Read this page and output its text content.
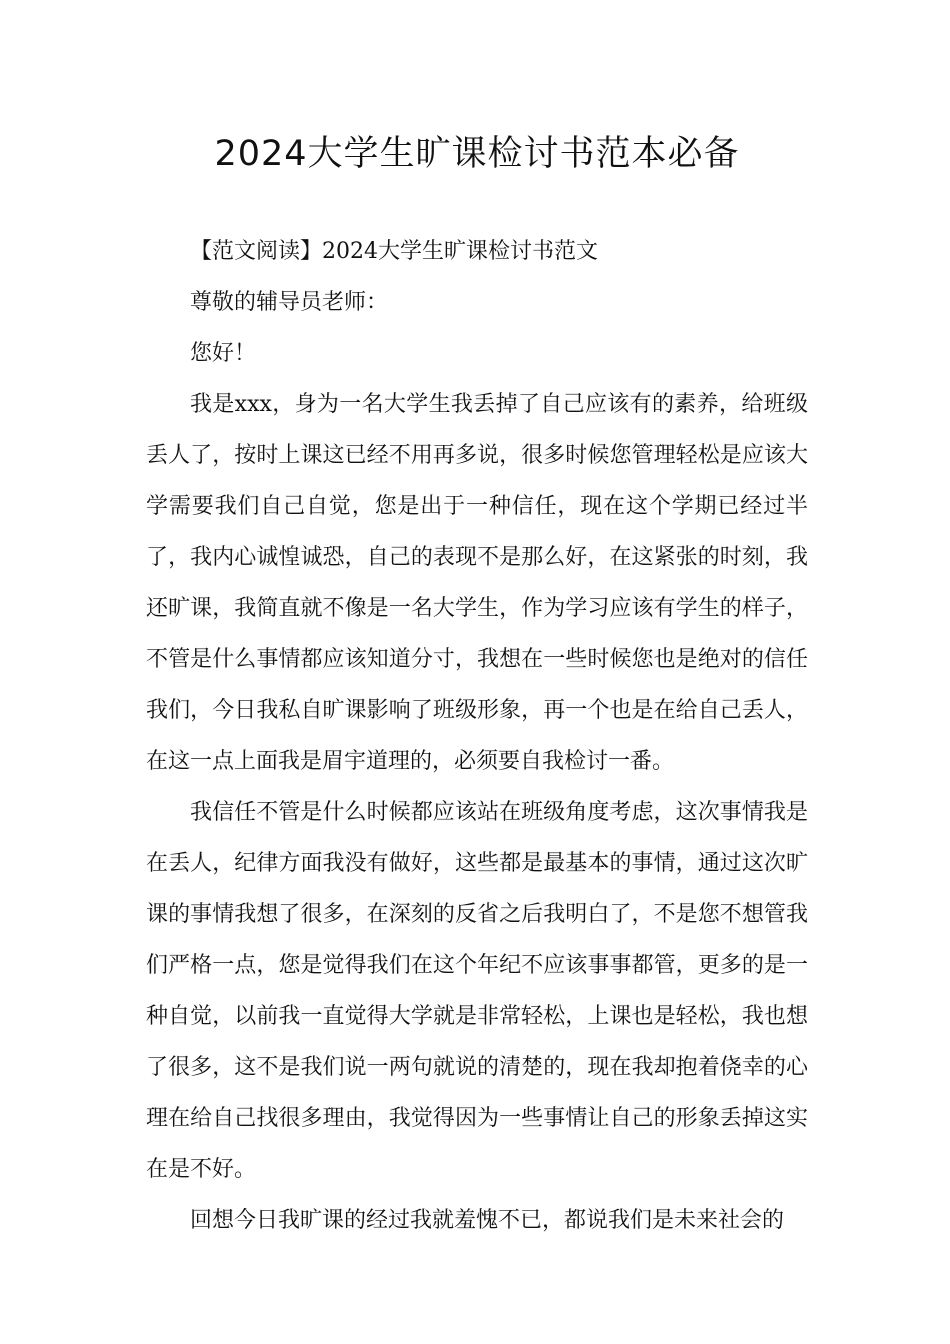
2024大学生旷课检讨书范本必备

【范文阅读】2024大学生旷课检讨书范文

尊敬的辅导员老师：

您好！

我是xxx，身为一名大学生我丢掉了自己应该有的素养，给班级丢人了，按时上课这已经不用再多说，很多时候您管理轻松是应该大学需要我们自己自觉，您是出于一种信任，现在这个学期已经过半了，我内心诚惶诚恐，自己的表现不是那么好，在这紧张的时刻，我还旷课，我简直就不像是一名大学生，作为学习应该有学生的样子，不管是什么事情都应该知道分寸，我想在一些时候您也是绝对的信任我们，今日我私自旷课影响了班级形象，再一个也是在给自己丢人，在这一点上面我是眉宇道理的，必须要自我检讨一番。

我信任不管是什么时候都应该站在班级角度考虑，这次事情我是在丢人，纪律方面我没有做好，这些都是最基本的事情，通过这次旷课的事情我想了很多，在深刻的反省之后我明白了，不是您不想管我们严格一点，您是觉得我们在这个年纪不应该事事都管，更多的是一种自觉，以前我一直觉得大学就是非常轻松，上课也是轻松，我也想了很多，这不是我们说一两句就说的清楚的，现在我却抱着侥幸的心理在给自己找很多理由，我觉得因为一些事情让自己的形象丢掉这实在是不好。

回想今日我旷课的经过我就羞愧不已，都说我们是未来社会的
